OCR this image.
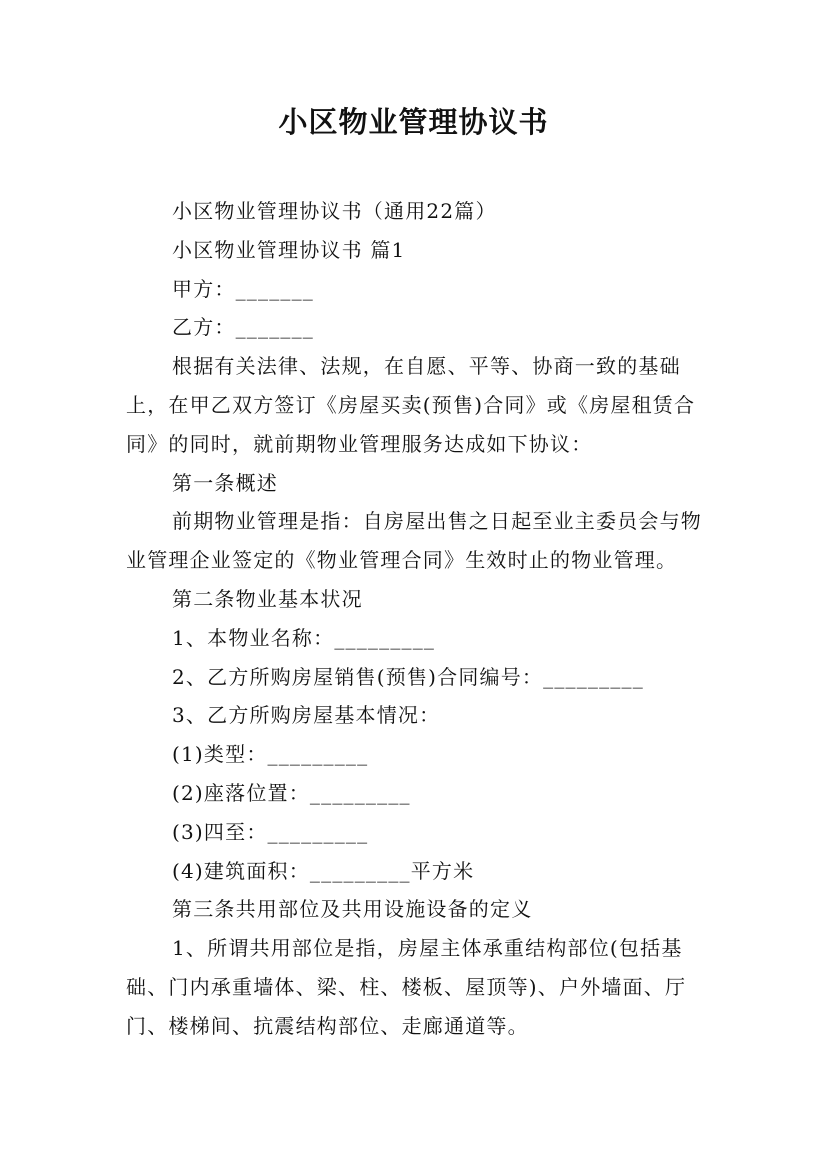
小区物业管理协议书

小区物业管理协议书（通用22篇）

小区物业管理协议书 篇1

甲方：_______

乙方：_______

根据有关法律、法规，在自愿、平等、协商一致的基础上，在甲乙双方签订《房屋买卖(预售)合同》或《房屋租赁合同》的同时，就前期物业管理服务达成如下协议：

第一条概述

前期物业管理是指：自房屋出售之日起至业主委员会与物业管理企业签定的《物业管理合同》生效时止的物业管理。

第二条物业基本状况

1、本物业名称：_________

2、乙方所购房屋销售(预售)合同编号：_________

3、乙方所购房屋基本情况：

(1)类型：_________

(2)座落位置：_________

(3)四至：_________

(4)建筑面积：_________平方米

第三条共用部位及共用设施设备的定义

1、所谓共用部位是指，房屋主体承重结构部位(包括基础、门内承重墙体、梁、柱、楼板、屋顶等)、户外墙面、厅门、楼梯间、抗震结构部位、走廊通道等。
